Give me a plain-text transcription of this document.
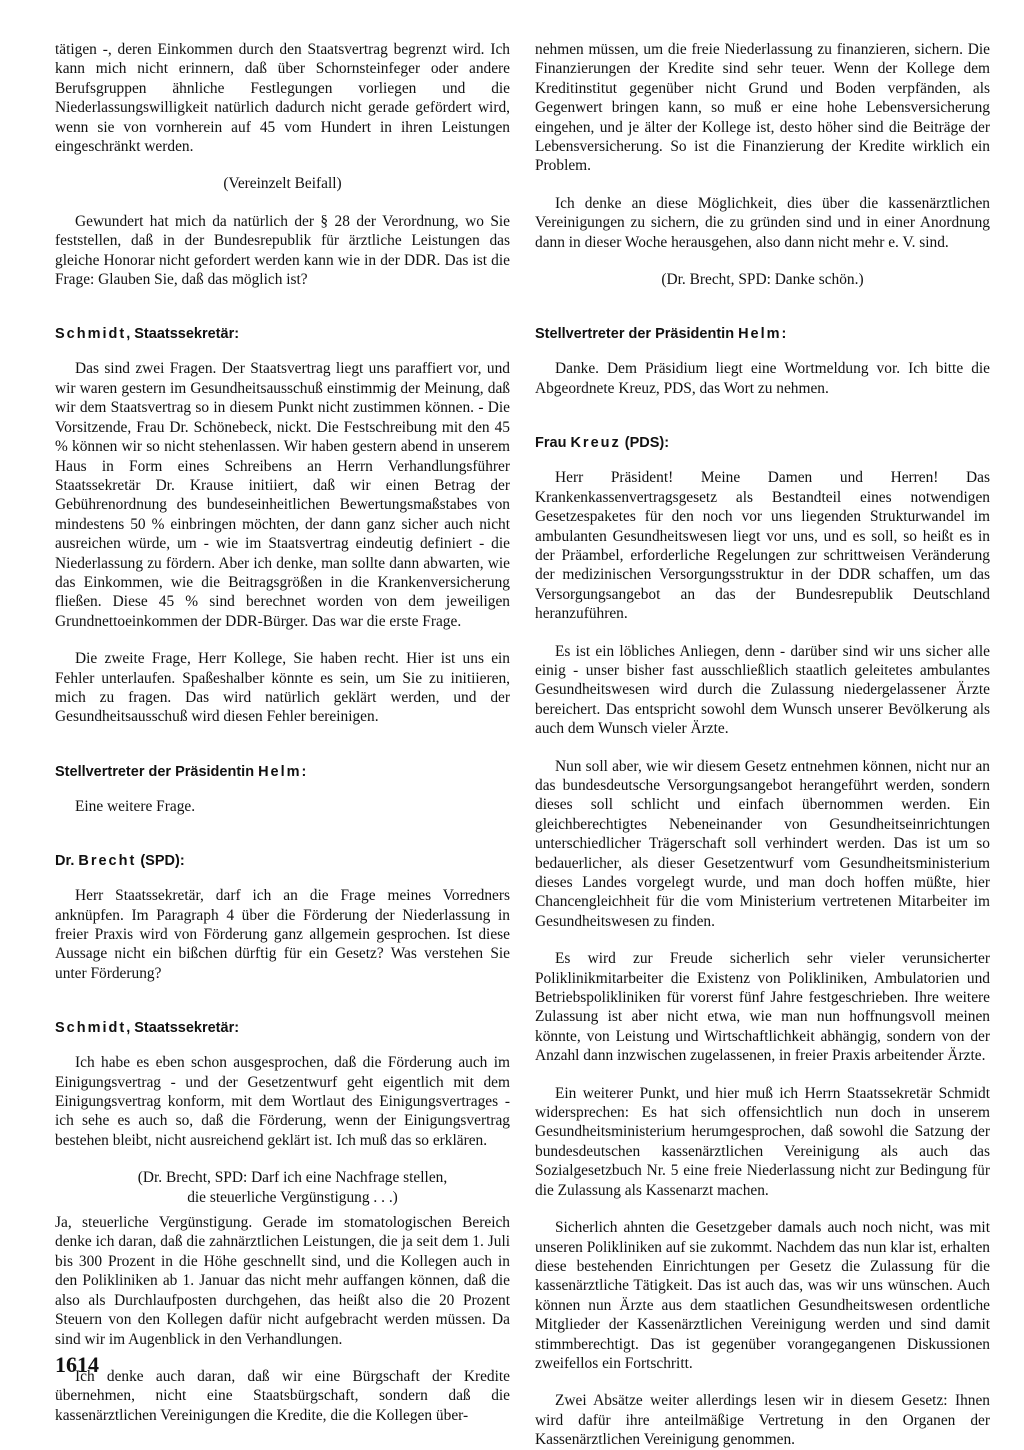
tätigen -, deren Einkommen durch den Staatsvertrag begrenzt wird. Ich kann mich nicht erinnern, daß über Schornsteinfeger oder andere Berufsgruppen ähnliche Festlegungen vorliegen und die Niederlassungswilligkeit natürlich dadurch nicht gerade gefördert wird, wenn sie von vornherein auf 45 vom Hundert in ihren Leistungen eingeschränkt werden.

(Vereinzelt Beifall)

Gewundert hat mich da natürlich der § 28 der Verordnung, wo Sie feststellen, daß in der Bundesrepublik für ärztliche Leistungen das gleiche Honorar nicht gefordert werden kann wie in der DDR. Das ist die Frage: Glauben Sie, daß das möglich ist?

Schmidt, Staatssekretär:

Das sind zwei Fragen. Der Staatsvertrag liegt uns paraffiert vor, und wir waren gestern im Gesundheitsausschuß einstimmig der Meinung, daß wir dem Staatsvertrag so in diesem Punkt nicht zustimmen können. - Die Vorsitzende, Frau Dr. Schönebeck, nickt. Die Festschreibung mit den 45 % können wir so nicht stehenlassen. Wir haben gestern abend in unserem Haus in Form eines Schreibens an Herrn Verhandlungsführer Staatssekretär Dr. Krause initiiert, daß wir einen Betrag der Gebührenordnung des bundeseinheitlichen Bewertungsmaßstabes von mindestens 50 % einbringen möchten, der dann ganz sicher auch nicht ausreichen würde, um - wie im Staatsvertrag eindeutig definiert - die Niederlassung zu fördern. Aber ich denke, man sollte dann abwarten, wie das Einkommen, wie die Beitragsgrößen in die Krankenversicherung fließen. Diese 45 % sind berechnet worden von dem jeweiligen Grundnettoeinkommen der DDR-Bürger. Das war die erste Frage.

Die zweite Frage, Herr Kollege, Sie haben recht. Hier ist uns ein Fehler unterlaufen. Spaßeshalber könnte es sein, um Sie zu initiieren, mich zu fragen. Das wird natürlich geklärt werden, und der Gesundheitsausschuß wird diesen Fehler bereinigen.

Stellvertreter der Präsidentin Helm:

Eine weitere Frage.

Dr. Brecht (SPD):

Herr Staatssekretär, darf ich an die Frage meines Vorredners anknüpfen. Im Paragraph 4 über die Förderung der Niederlassung in freier Praxis wird von Förderung ganz allgemein gesprochen. Ist diese Aussage nicht ein bißchen dürftig für ein Gesetz? Was verstehen Sie unter Förderung?

Schmidt, Staatssekretär:

Ich habe es eben schon ausgesprochen, daß die Förderung auch im Einigungsvertrag - und der Gesetzentwurf geht eigentlich mit dem Einigungsvertrag konform, mit dem Wortlaut des Einigungsvertrages - ich sehe es auch so, daß die Förderung, wenn der Einigungsvertrag bestehen bleibt, nicht ausreichend geklärt ist. Ich muß das so erklären.

(Dr. Brecht, SPD: Darf ich eine Nachfrage stellen,
die steuerliche Vergünstigung . . .)

Ja, steuerliche Vergünstigung. Gerade im stomatologischen Bereich denke ich daran, daß die zahnärztlichen Leistungen, die ja seit dem 1. Juli bis 300 Prozent in die Höhe geschnellt sind, und die Kollegen auch in den Polikliniken ab 1. Januar das nicht mehr auffangen können, daß die also als Durchlaufposten durchgehen, das heißt also die 20 Prozent Steuern von den Kollegen dafür nicht aufgebracht werden müssen. Da sind wir im Augenblick in den Verhandlungen.

Ich denke auch daran, daß wir eine Bürgschaft der Kredite übernehmen, nicht eine Staatsbürgschaft, sondern daß die kassenärztlichen Vereinigungen die Kredite, die die Kollegen über-

nehmen müssen, um die freie Niederlassung zu finanzieren, sichern. Die Finanzierungen der Kredite sind sehr teuer. Wenn der Kollege dem Kreditinstitut gegenüber nicht Grund und Boden verpfänden, als Gegenwert bringen kann, so muß er eine hohe Lebensversicherung eingehen, und je älter der Kollege ist, desto höher sind die Beiträge der Lebensversicherung. So ist die Finanzierung der Kredite wirklich ein Problem.

Ich denke an diese Möglichkeit, dies über die kassenärztlichen Vereinigungen zu sichern, die zu gründen sind und in einer Anordnung dann in dieser Woche herausgehen, also dann nicht mehr e. V. sind.

(Dr. Brecht, SPD: Danke schön.)

Stellvertreter der Präsidentin Helm:

Danke. Dem Präsidium liegt eine Wortmeldung vor. Ich bitte die Abgeordnete Kreuz, PDS, das Wort zu nehmen.

Frau Kreuz (PDS):

Herr Präsident! Meine Damen und Herren! Das Krankenkassenvertragsgesetz als Bestandteil eines notwendigen Gesetzespaketes für den noch vor uns liegenden Strukturwandel im ambulanten Gesundheitswesen liegt vor uns, und es soll, so heißt es in der Präambel, erforderliche Regelungen zur schrittweisen Veränderung der medizinischen Versorgungsstruktur in der DDR schaffen, um das Versorgungsangebot an das der Bundesrepublik Deutschland heranzuführen.

Es ist ein löbliches Anliegen, denn - darüber sind wir uns sicher alle einig - unser bisher fast ausschließlich staatlich geleitetes ambulantes Gesundheitswesen wird durch die Zulassung niedergelassener Ärzte bereichert. Das entspricht sowohl dem Wunsch unserer Bevölkerung als auch dem Wunsch vieler Ärzte.

Nun soll aber, wie wir diesem Gesetz entnehmen können, nicht nur an das bundesdeutsche Versorgungsangebot herangeführt werden, sondern dieses soll schlicht und einfach übernommen werden. Ein gleichberechtigtes Nebeneinander von Gesundheitseinrichtungen unterschiedlicher Trägerschaft soll verhindert werden. Das ist um so bedauerlicher, als dieser Gesetzentwurf vom Gesundheitsministerium dieses Landes vorgelegt wurde, und man doch hoffen müßte, hier Chancengleichheit für die vom Ministerium vertretenen Mitarbeiter im Gesundheitswesen zu finden.

Es wird zur Freude sicherlich sehr vieler verunsicherter Poliklinikmitarbeiter die Existenz von Polikliniken, Ambulatorien und Betriebspolikliniken für vorerst fünf Jahre festgeschrieben. Ihre weitere Zulassung ist aber nicht etwa, wie man nun hoffnungsvoll meinen könnte, von Leistung und Wirtschaftlichkeit abhängig, sondern von der Anzahl dann inzwischen zugelassenen, in freier Praxis arbeitender Ärzte.

Ein weiterer Punkt, und hier muß ich Herrn Staatssekretär Schmidt widersprechen: Es hat sich offensichtlich nun doch in unserem Gesundheitsministerium herumgesprochen, daß sowohl die Satzung der bundesdeutschen kassenärztlichen Vereinigung als auch das Sozialgesetzbuch Nr. 5 eine freie Niederlassung nicht zur Bedingung für die Zulassung als Kassenarzt machen.

Sicherlich ahnten die Gesetzgeber damals auch noch nicht, was mit unseren Polikliniken auf sie zukommt. Nachdem das nun klar ist, erhalten diese bestehenden Einrichtungen per Gesetz die Zulassung für die kassenärztliche Tätigkeit. Das ist auch das, was wir uns wünschen. Auch können nun Ärzte aus dem staatlichen Gesundheitswesen ordentliche Mitglieder der Kassenärztlichen Vereinigung werden und sind damit stimmberechtigt. Das ist gegenüber vorangegangenen Diskussionen zweifellos ein Fortschritt.

Zwei Absätze weiter allerdings lesen wir in diesem Gesetz: Ihnen wird dafür ihre anteilmäßige Vertretung in den Organen der Kassenärztlichen Vereinigung genommen.

1614
